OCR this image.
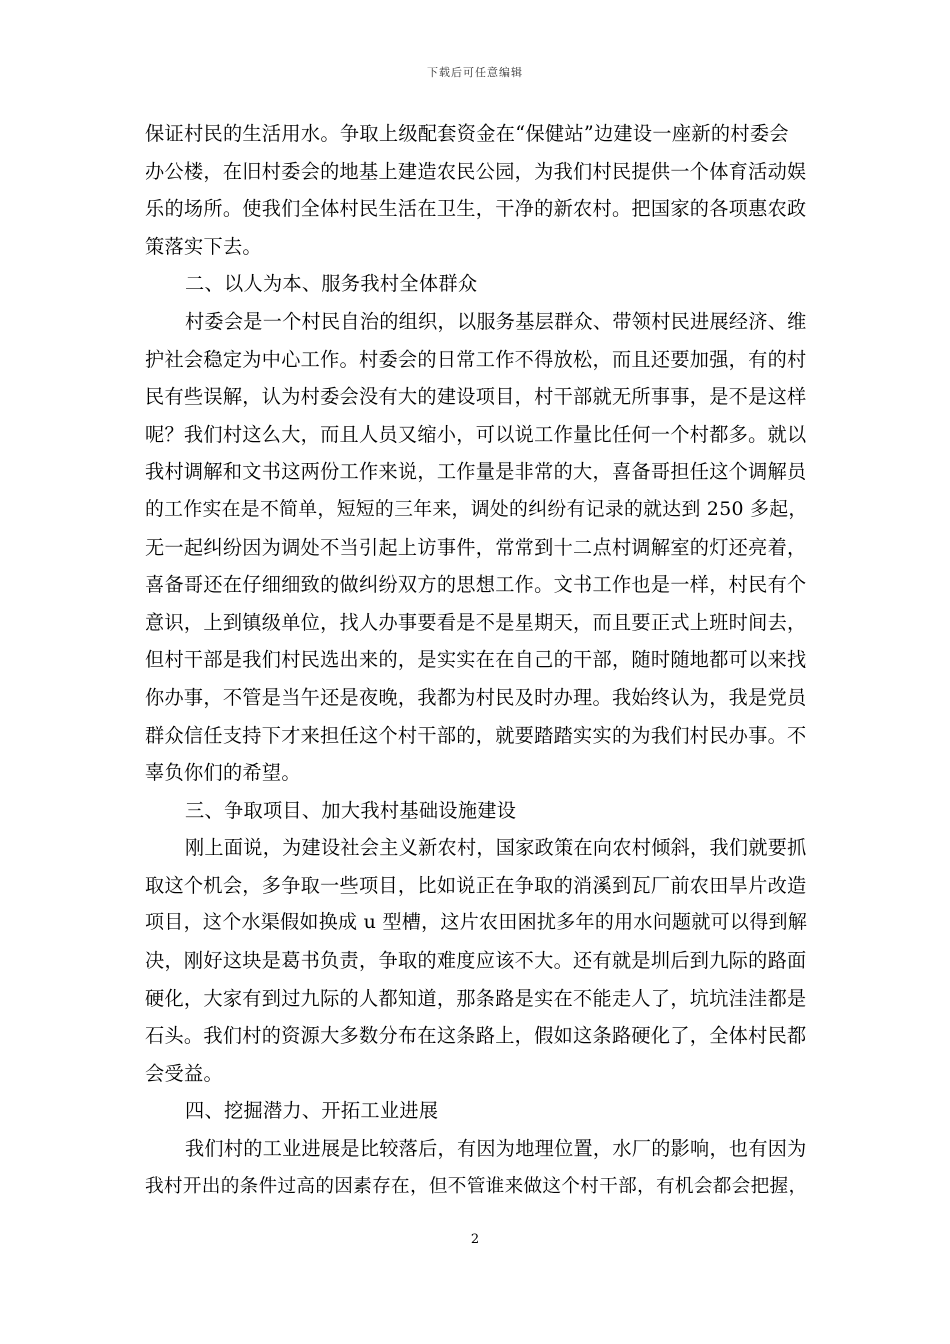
下载后可任意编辑
保证村民的生活用水。争取上级配套资金在“保健站”边建设一座新的村委会
办公楼，在旧村委会的地基上建造农民公园，为我们村民提供一个体育活动娱
乐的场所。使我们全体村民生活在卫生，干净的新农村。把国家的各项惠农政
策落实下去。
二、以人为本、服务我村全体群众
村委会是一个村民自治的组织，以服务基层群众、带领村民进展经济、维
护社会稳定为中心工作。村委会的日常工作不得放松，而且还要加强，有的村
民有些误解，认为村委会没有大的建设项目，村干部就无所事事，是不是这样
呢？我们村这么大，而且人员又缩小，可以说工作量比任何一个村都多。就以
我村调解和文书这两份工作来说，工作量是非常的大，喜备哥担任这个调解员
的工作实在是不简单，短短的三年来，调处的纠纷有记录的就达到 250 多起，
无一起纠纷因为调处不当引起上访事件，常常到十二点村调解室的灯还亮着，
喜备哥还在仔细细致的做纠纷双方的思想工作。文书工作也是一样，村民有个
意识，上到镇级单位，找人办事要看是不是星期天，而且要正式上班时间去，
但村干部是我们村民选出来的，是实实在在自己的干部，随时随地都可以来找
你办事，不管是当午还是夜晚，我都为村民及时办理。我始终认为，我是党员
群众信任支持下才来担任这个村干部的，就要踏踏实实的为我们村民办事。不
辜负你们的希望。
三、争取项目、加大我村基础设施建设
刚上面说，为建设社会主义新农村，国家政策在向农村倾斜，我们就要抓
取这个机会，多争取一些项目，比如说正在争取的消溪到瓦厂前农田旱片改造
项目，这个水渠假如换成 u 型槽，这片农田困扰多年的用水问题就可以得到解
决，刚好这块是葛书负责，争取的难度应该不大。还有就是圳后到九际的路面
硬化，大家有到过九际的人都知道，那条路是实在不能走人了，坑坑洼洼都是
石头。我们村的资源大多数分布在这条路上，假如这条路硬化了，全体村民都
会受益。
四、挖掘潜力、开拓工业进展
我们村的工业进展是比较落后，有因为地理位置，水厂的影响，也有因为
我村开出的条件过高的因素存在，但不管谁来做这个村干部，有机会都会把握，
2
